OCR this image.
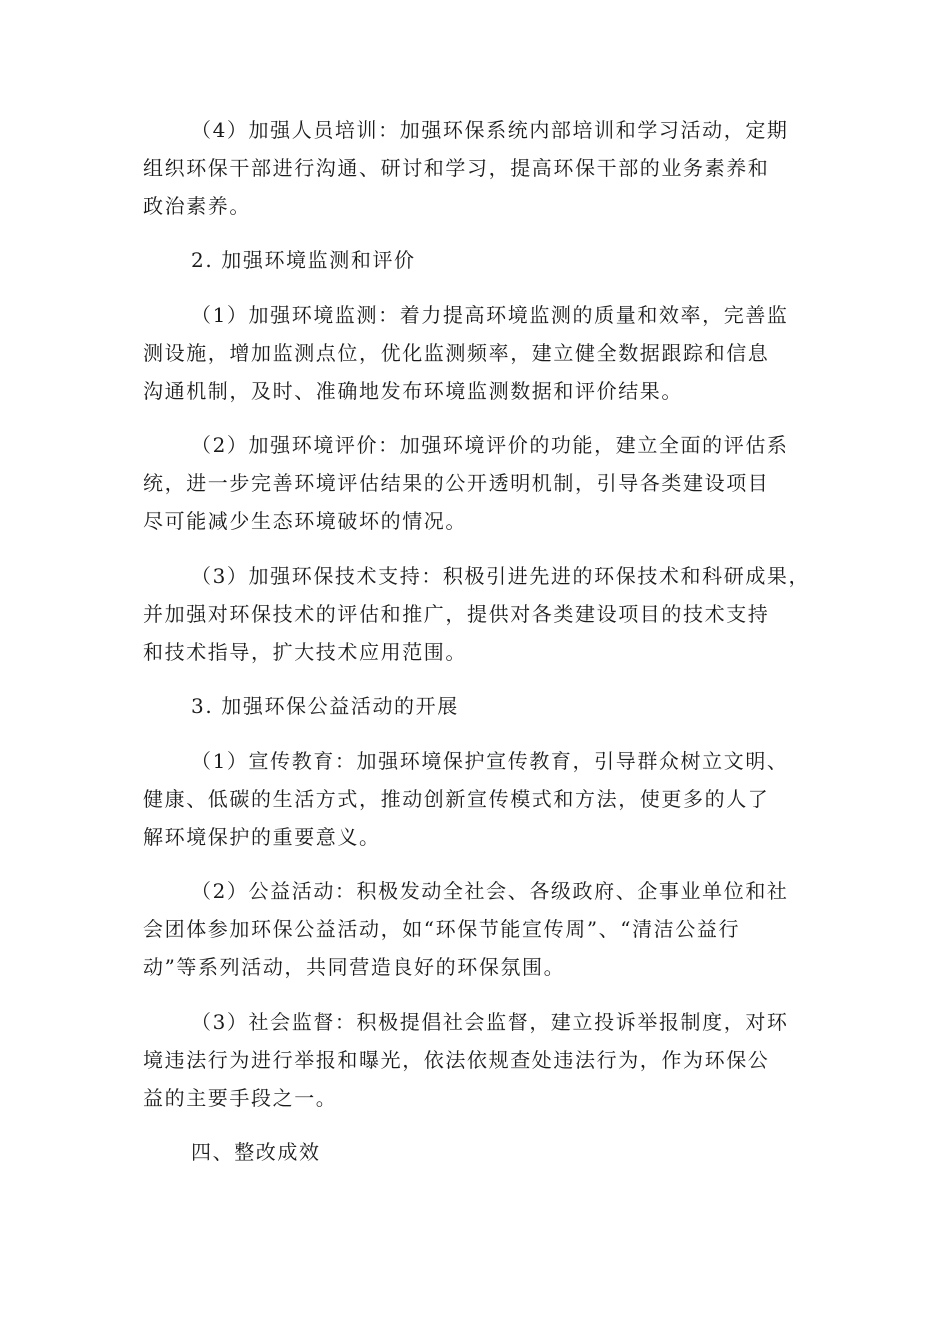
（4）加强人员培训：加强环保系统内部培训和学习活动，定期
组织环保干部进行沟通、研讨和学习，提高环保干部的业务素养和
政治素养。
2. 加强环境监测和评价
（1）加强环境监测：着力提高环境监测的质量和效率，完善监
测设施，增加监测点位，优化监测频率，建立健全数据跟踪和信息
沟通机制，及时、准确地发布环境监测数据和评价结果。
（2）加强环境评价：加强环境评价的功能，建立全面的评估系
统，进一步完善环境评估结果的公开透明机制，引导各类建设项目
尽可能减少生态环境破坏的情况。
（3）加强环保技术支持：积极引进先进的环保技术和科研成果，
并加强对环保技术的评估和推广，提供对各类建设项目的技术支持
和技术指导，扩大技术应用范围。
3. 加强环保公益活动的开展
（1）宣传教育：加强环境保护宣传教育，引导群众树立文明、
健康、低碳的生活方式，推动创新宣传模式和方法，使更多的人了
解环境保护的重要意义。
（2）公益活动：积极发动全社会、各级政府、企事业单位和社
会团体参加环保公益活动，如“环保节能宣传周”、“清洁公益行
动”等系列活动，共同营造良好的环保氛围。
（3）社会监督：积极提倡社会监督，建立投诉举报制度，对环
境违法行为进行举报和曝光，依法依规查处违法行为，作为环保公
益的主要手段之一。
四、整改成效
